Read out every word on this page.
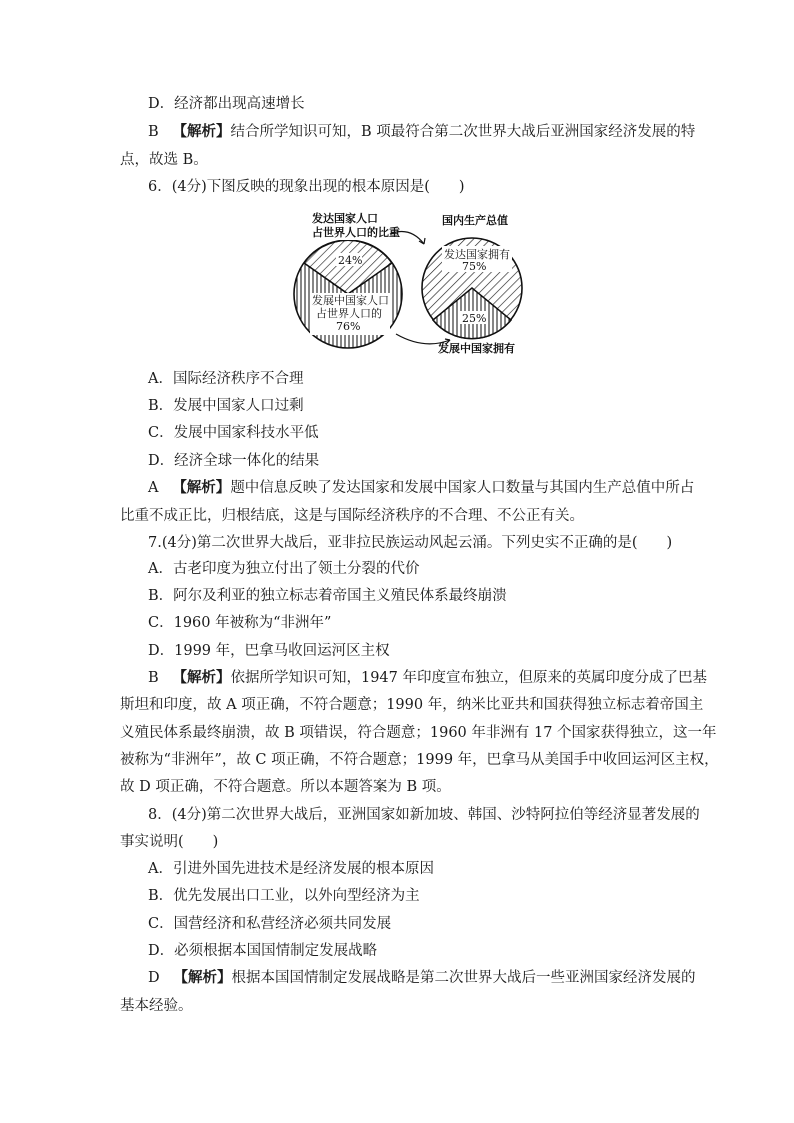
D．经济都出现高速增长
B 【解析】结合所学知识可知，B 项最符合第二次世界大战后亚洲国家经济发展的特
点，故选 B。
6．(4分)下图反映的现象出现的根本原因是(　　)
发达国家人口
占世界人口的比重
24%
发展中国家人口
占世界人口的
76%
国内生产总值
发达国家拥有
75%
25%
发展中国家拥有
A．国际经济秩序不合理
B．发展中国家人口过剩
C．发展中国家科技水平低
D．经济全球一体化的结果
A 【解析】题中信息反映了发达国家和发展中国家人口数量与其国内生产总值中所占
比重不成正比，归根结底，这是与国际经济秩序的不合理、不公正有关。
7.(4分)第二次世界大战后，亚非拉民族运动风起云涌。下列史实不正确的是(　　)
A．古老印度为独立付出了领土分裂的代价
B．阿尔及利亚的独立标志着帝国主义殖民体系最终崩溃
C．1960 年被称为“非洲年”
D．1999 年，巴拿马收回运河区主权
B 【解析】依据所学知识可知，1947 年印度宣布独立，但原来的英属印度分成了巴基
斯坦和印度，故 A 项正确，不符合题意；1990 年，纳米比亚共和国获得独立标志着帝国主
义殖民体系最终崩溃，故 B 项错误，符合题意；1960 年非洲有 17 个国家获得独立，这一年
被称为“非洲年”，故 C 项正确，不符合题意；1999 年，巴拿马从美国手中收回运河区主权，
故 D 项正确，不符合题意。所以本题答案为 B 项。
8．(4分)第二次世界大战后，亚洲国家如新加坡、韩国、沙特阿拉伯等经济显著发展的
事实说明(　　)
A．引进外国先进技术是经济发展的根本原因
B．优先发展出口工业，以外向型经济为主
C．国营经济和私营经济必须共同发展
D．必须根据本国国情制定发展战略
D 【解析】根据本国国情制定发展战略是第二次世界大战后一些亚洲国家经济发展的
基本经验。
